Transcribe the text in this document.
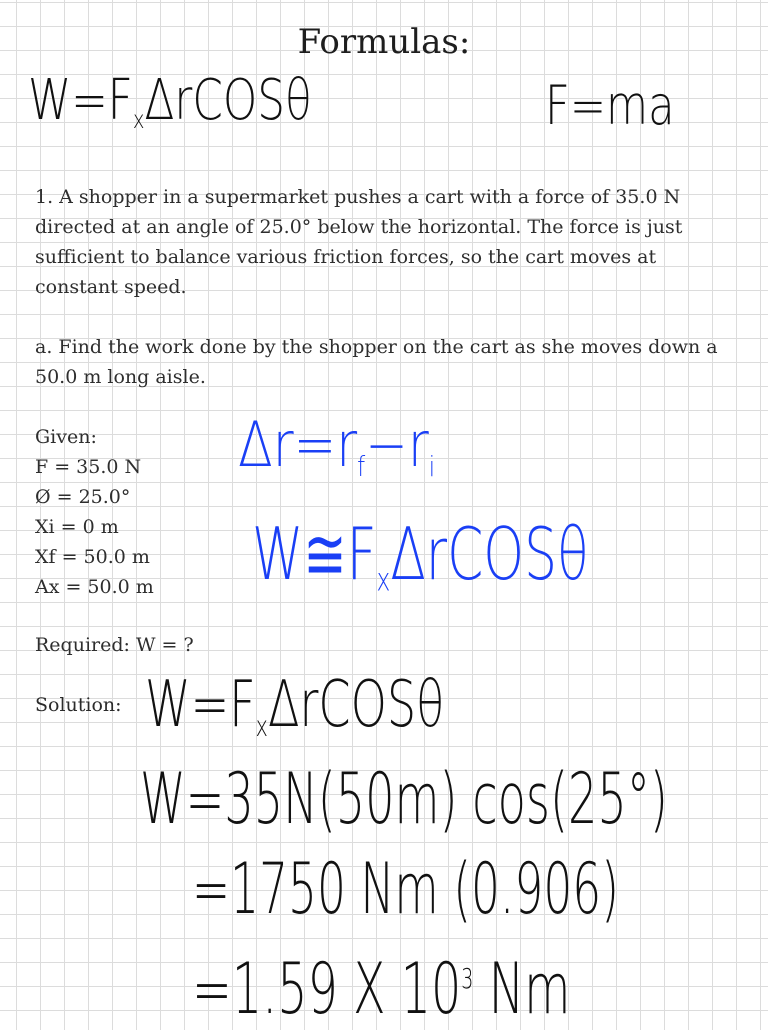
Formulas:
$W=F_x\Delta rCOS\theta$	F=ma
1. A shopper in a supermarket pushes a cart with a force of 35.0 N directed at an angle of 25.0° below the horizontal. The force is just sufficient to balance various friction forces, so the cart moves at constant speed.
a. Find the work done by the shopper on the cart as she moves down a 50.0 m long aisle.
Given:
F = 35.0 N
Ø = 25.0°
Xi = 0 m
Xf = 50.0 m
Ax = 50.0 m
$\Delta r=r_f-r_i$
$W≅F_x\Delta rCOS\theta$
Required: W = ?
Solution: $W=F_x\Delta rCOS\theta$
W=35N(50m) cos(25°)
=1750 Nm (0.906)
=1.59 X $10^3$ Nm
